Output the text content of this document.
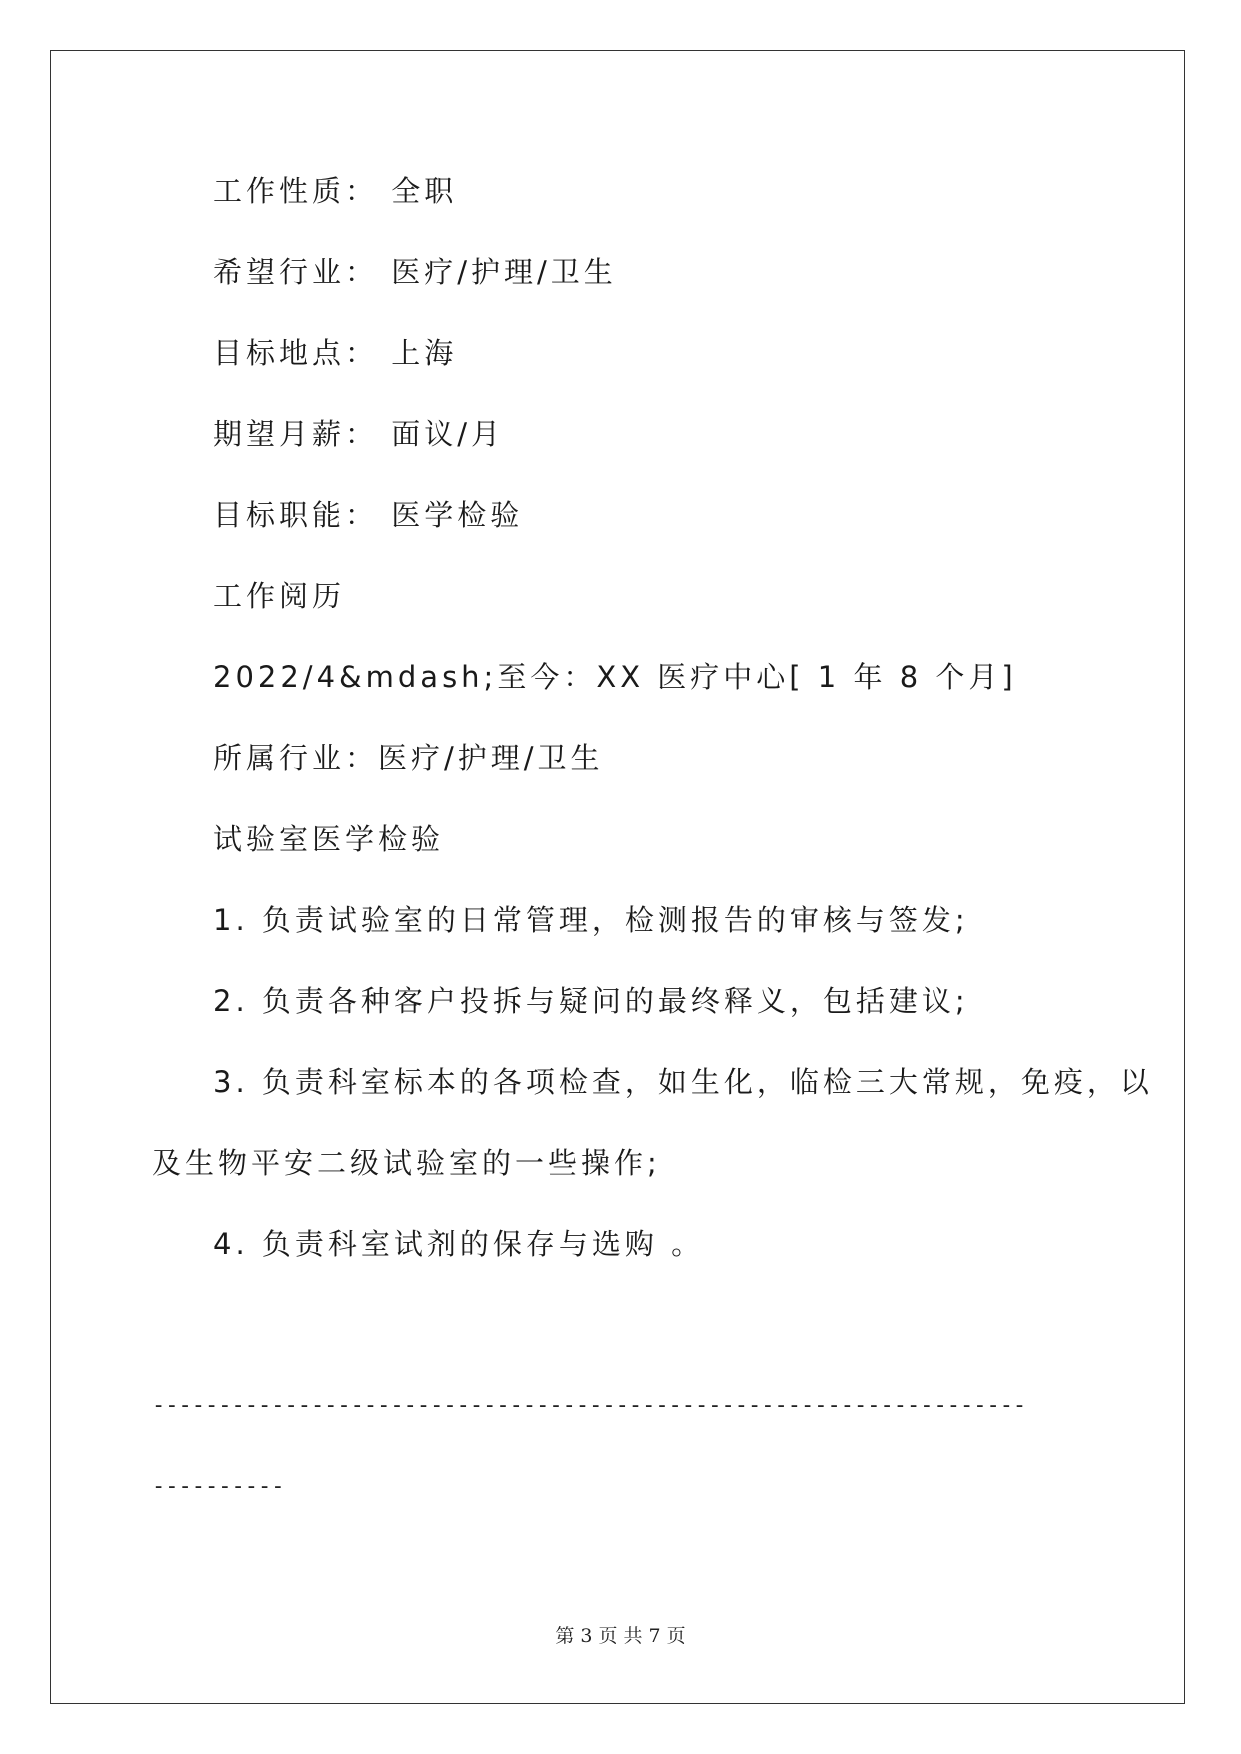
工作性质： 全职
希望行业： 医疗/护理/卫生
目标地点： 上海
期望月薪： 面议/月
目标职能： 医学检验
工作阅历
2022/4&mdash;至今：XX 医疗中心[ 1 年 8 个月]
所属行业：医疗/护理/卫生
试验室医学检验
1. 负责试验室的日常管理，检测报告的审核与签发;
2. 负责各种客户投拆与疑问的最终释义，包括建议;
3. 负责科室标本的各项检查，如生化，临检三大常规，免疫，以
及生物平安二级试验室的一些操作;
4. 负责科室试剂的保存与选购 。
------------------------------------------------------------------
----------
第 3 页 共 7 页
